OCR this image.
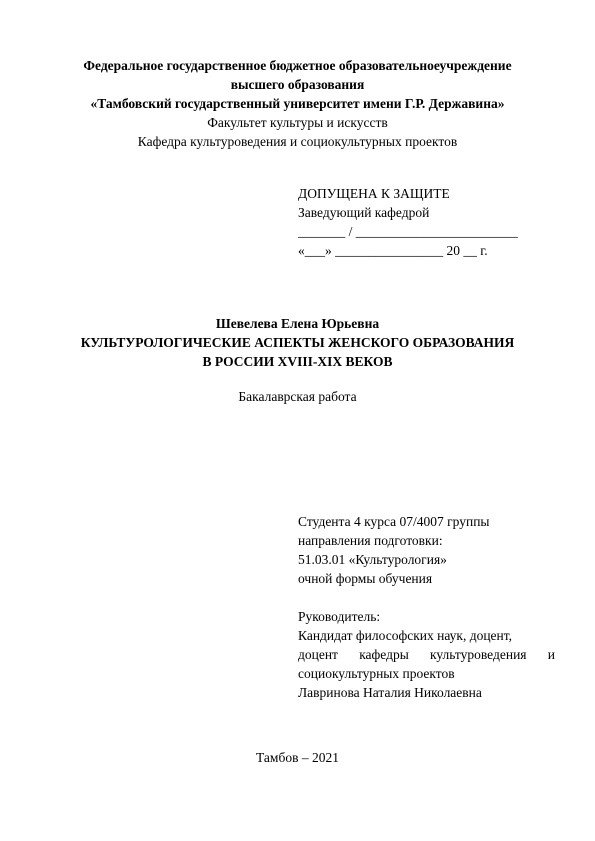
Федеральное государственное бюджетное образовательноеучреждение
высшего образования
«Тамбовский государственный университет имени Г.Р. Державина»
Факультет культуры и искусств
Кафедра культуроведения и социокультурных проектов
ДОПУЩЕНА К ЗАЩИТЕ
Заведующий кафедрой
_______ / ________________________
«___» ________________ 20 __ г.
Шевелева Елена Юрьевна
КУЛЬТУРОЛОГИЧЕСКИЕ АСПЕКТЫ ЖЕНСКОГО ОБРАЗОВАНИЯ
В РОССИИ XVIII-XIX ВЕКОВ
Бакалаврская работа
Студента 4 курса 07/4007 группы
направления подготовки:
51.03.01 «Культурология»
очной формы обучения
Руководитель:
Кандидат философских наук, доцент,
доцент кафедры культуроведения и
социокультурных проектов
Лавринова Наталия Николаевна
Тамбов – 2021
